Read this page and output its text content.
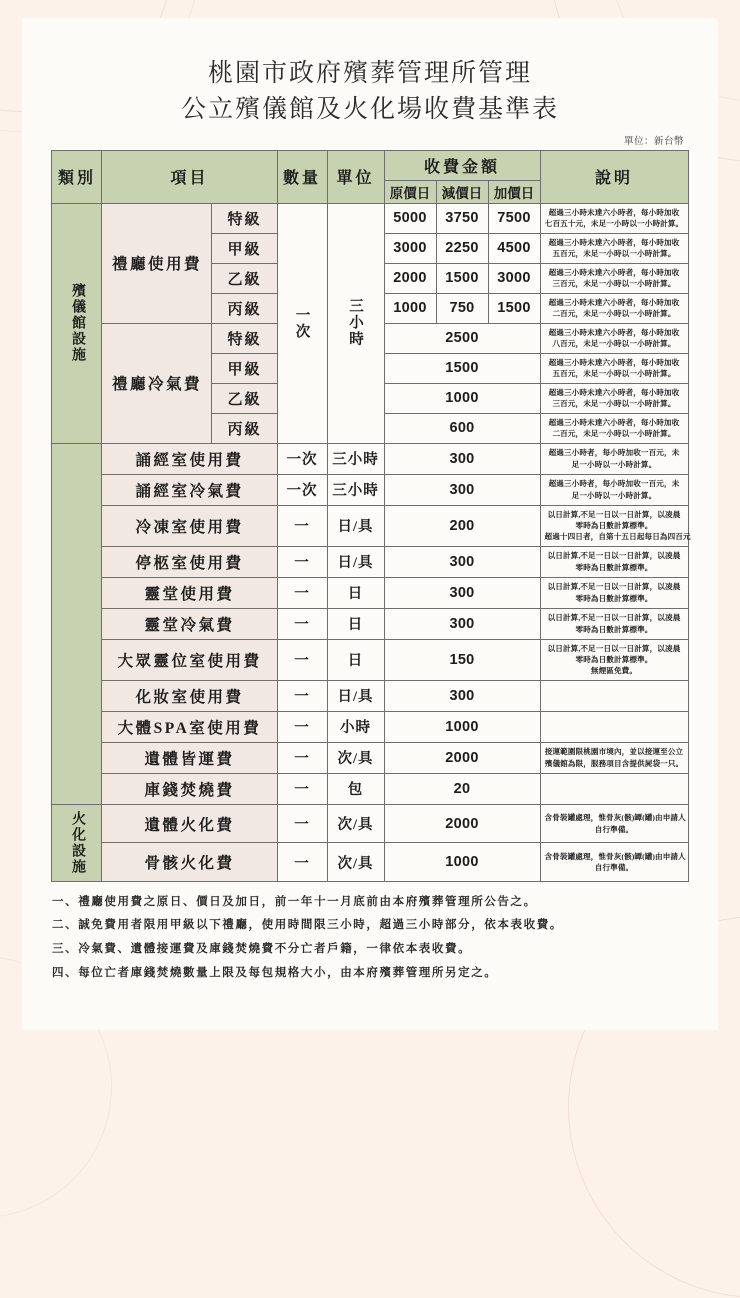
桃園市政府殯葬管理所管理
公立殯儀館及火化場收費基準表
單位：新台幣
類別	項目		數量	單位	收費金額			說明
					原價日	減價日	加價日	
殯儀館設施	禮廳使用費	特級	一次	三小時	5000	3750	7500	超過三小時未達六小時者，每小時加收
七百五十元，未足一小時以一小時計算。

		甲級			3000	2250	4500	超過三小時未達六小時者，每小時加收
五百元，未足一小時以一小時計算。

		乙級			2000	1500	3000	超過三小時未達六小時者，每小時加收
三百元，未足一小時以一小時計算。

		丙級			1000	750	1500	超過三小時未達六小時者，每小時加收
二百元，未足一小時以一小時計算。

	禮廳冷氣費	特級			2500			超過三小時未達六小時者，每小時加收
八百元，未足一小時以一小時計算。

		甲級			1500			超過三小時未達六小時者，每小時加收
五百元，未足一小時以一小時計算。

		乙級			1000			超過三小時未達六小時者，每小時加收
三百元，未足一小時以一小時計算。

		丙級			600			超過三小時未達六小時者，每小時加收
二百元，未足一小時以一小時計算。

	誦經室使用費		一次	三小時	300			超過三小時者，每小時加收一百元，未
足一小時以一小時計算。

	誦經室冷氣費		一次	三小時	300			超過三小時者，每小時加收一百元，未
足一小時以一小時計算。

	冷凍室使用費		一	日/具	200			以日計算,不足一日以一日計算，以凌晨
零時為日數計算標準。
超過十四日者，自第十五日起每日為四百元

	停柩室使用費		一	日/具	300			以日計算,不足一日以一日計算，以凌晨
零時為日數計算標準。

	靈堂使用費		一	日	300			以日計算,不足一日以一日計算，以凌晨
零時為日數計算標準。

	靈堂冷氣費		一	日	300			以日計算,不足一日以一日計算，以凌晨
零時為日數計算標準。

	大眾靈位室使用費		一	日	150			以日計算,不足一日以一日計算，以凌晨
零時為日數計算標準。
無煙區免費。

	化妝室使用費		一	日/具	300			
	大體SPA室使用費		一	小時	1000			
	遺體皆運費		一	次/具	2000			接運範圍限桃園市境內，並以接運至公立
殯儀館為限，服務項目含提供屍袋一只。

	庫錢焚燒費		一	包	20			
火化設施	遺體火化費		一	次/具	2000			含骨裝罐處理，惟骨灰(骸)罈(罐)由申請人
自行準備。

	骨骸火化費		一	次/具	1000			含骨裝罐處理，惟骨灰(骸)罈(罐)由申請人
自行準備。
一、禮廳使用費之原日、價日及加日，前一年十一月底前由本府殯葬管理所公告之。
二、誠免費用者限用甲級以下禮廳，使用時間限三小時，超過三小時部分，依本表收費。
三、冷氣費、遺體接運費及庫錢焚燒費不分亡者戶籍，一律依本表收費。
四、每位亡者庫錢焚燒數量上限及每包規格大小，由本府殯葬管理所另定之。
